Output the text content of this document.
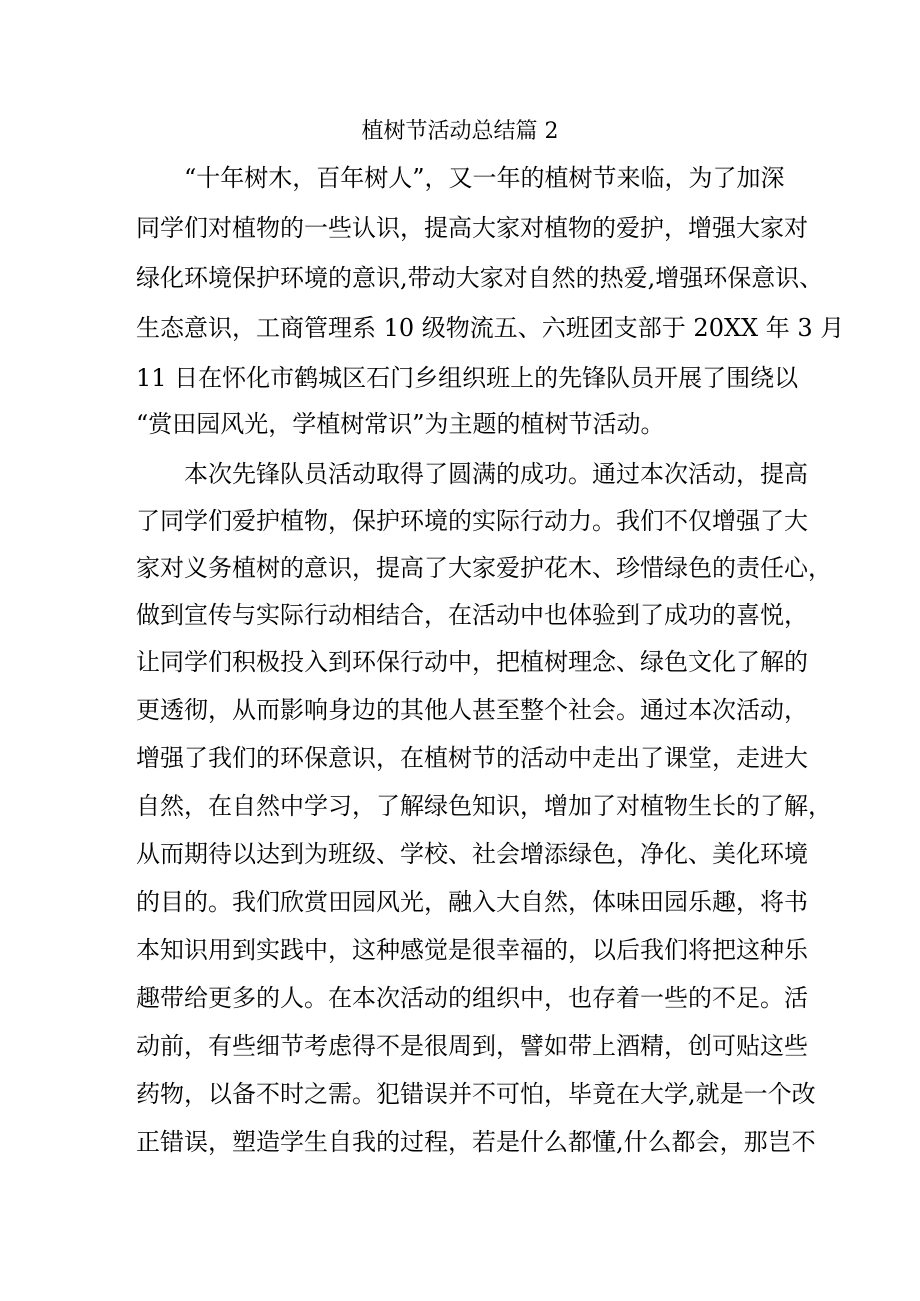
植树节活动总结篇 2
　　“十年树木，百年树人”，又一年的植树节来临，为了加深
同学们对植物的一些认识，提高大家对植物的爱护，增强大家对
绿化环境保护环境的意识,带动大家对自然的热爱,增强环保意识、
生态意识，工商管理系 10 级物流五、六班团支部于 20XX 年 3 月
11 日在怀化市鹤城区石门乡组织班上的先锋队员开展了围绕以
“赏田园风光，学植树常识”为主题的植树节活动。
　　本次先锋队员活动取得了圆满的成功。通过本次活动，提高
了同学们爱护植物，保护环境的实际行动力。我们不仅增强了大
家对义务植树的意识，提高了大家爱护花木、珍惜绿色的责任心，
做到宣传与实际行动相结合，在活动中也体验到了成功的喜悦，
让同学们积极投入到环保行动中，把植树理念、绿色文化了解的
更透彻，从而影响身边的其他人甚至整个社会。通过本次活动，
增强了我们的环保意识，在植树节的活动中走出了课堂，走进大
自然，在自然中学习，了解绿色知识，增加了对植物生长的了解，
从而期待以达到为班级、学校、社会增添绿色，净化、美化环境
的目的。我们欣赏田园风光，融入大自然，体味田园乐趣，将书
本知识用到实践中，这种感觉是很幸福的，以后我们将把这种乐
趣带给更多的人。在本次活动的组织中，也存着一些的不足。活
动前，有些细节考虑得不是很周到，譬如带上酒精，创可贴这些
药物，以备不时之需。犯错误并不可怕，毕竟在大学,就是一个改
正错误，塑造学生自我的过程，若是什么都懂,什么都会，那岂不
